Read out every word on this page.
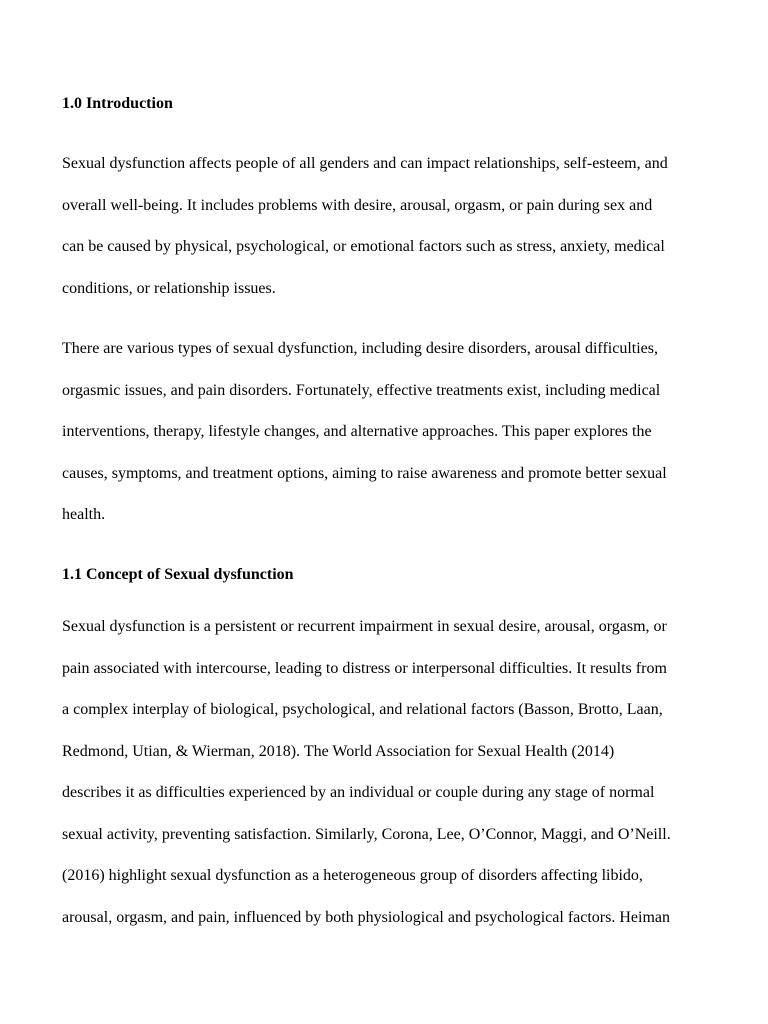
1.0 Introduction
Sexual dysfunction affects people of all genders and can impact relationships, self-esteem, and
overall well-being. It includes problems with desire, arousal, orgasm, or pain during sex and
can be caused by physical, psychological, or emotional factors such as stress, anxiety, medical
conditions, or relationship issues.
There are various types of sexual dysfunction, including desire disorders, arousal difficulties,
orgasmic issues, and pain disorders. Fortunately, effective treatments exist, including medical
interventions, therapy, lifestyle changes, and alternative approaches. This paper explores the
causes, symptoms, and treatment options, aiming to raise awareness and promote better sexual
health.
1.1 Concept of Sexual dysfunction
Sexual dysfunction is a persistent or recurrent impairment in sexual desire, arousal, orgasm, or
pain associated with intercourse, leading to distress or interpersonal difficulties. It results from
a complex interplay of biological, psychological, and relational factors (Basson, Brotto, Laan,
Redmond, Utian, & Wierman, 2018). The World Association for Sexual Health (2014)
describes it as difficulties experienced by an individual or couple during any stage of normal
sexual activity, preventing satisfaction. Similarly, Corona, Lee, O’Connor, Maggi, and O’Neill.
(2016) highlight sexual dysfunction as a heterogeneous group of disorders affecting libido,
arousal, orgasm, and pain, influenced by both physiological and psychological factors. Heiman
